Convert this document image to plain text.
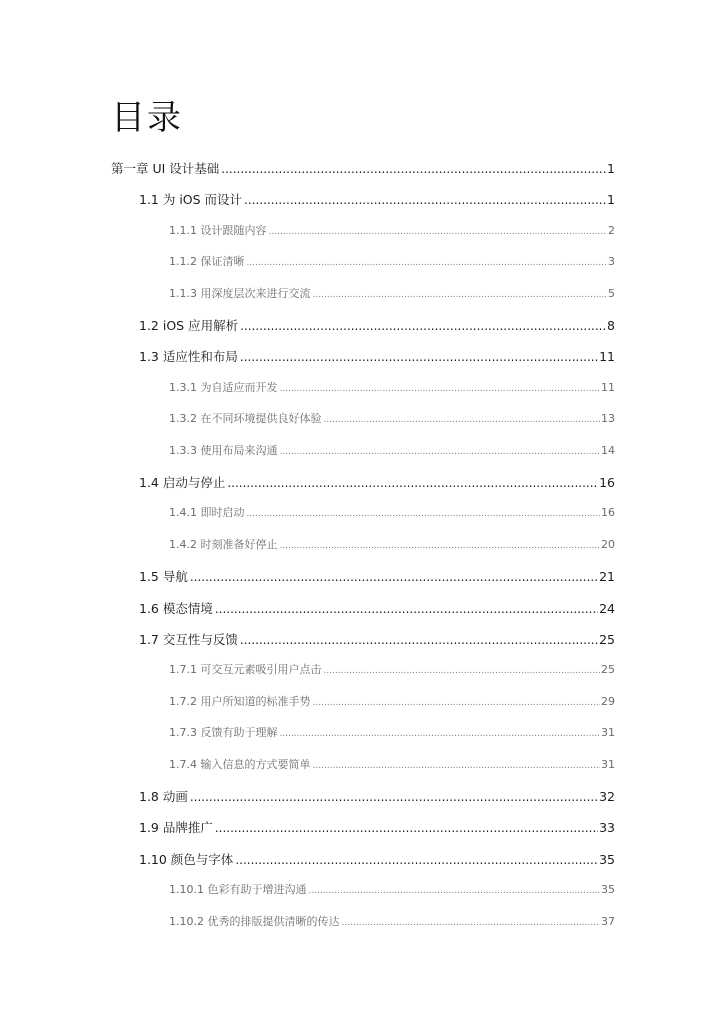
目录
第一章 UI 设计基础 .....	1
1.1 为 iOS 而设计 .....	1
1.1.1 设计跟随内容 .....	2
1.1.2 保证清晰 .....	3
1.1.3 用深度层次来进行交流 .....	5
1.2 iOS 应用解析 .....	8
1.3 适应性和布局 .....	11
1.3.1 为自适应而开发 .....	11
1.3.2 在不同环境提供良好体验 .....	13
1.3.3 使用布局来沟通 .....	14
1.4 启动与停止 .....	16
1.4.1 即时启动 .....	16
1.4.2 时刻准备好停止 .....	20
1.5 导航 .....	21
1.6 模态情境 .....	24
1.7 交互性与反馈 .....	25
1.7.1 可交互元素吸引用户点击 .....	25
1.7.2 用户所知道的标准手势 .....	29
1.7.3 反馈有助于理解 .....	31
1.7.4 输入信息的方式要简单 .....	31
1.8 动画 .....	32
1.9 品牌推广 .....	33
1.10 颜色与字体 .....	35
1.10.1 色彩有助于增进沟通 .....	35
1.10.2 优秀的排版提供清晰的传达 .....	37
